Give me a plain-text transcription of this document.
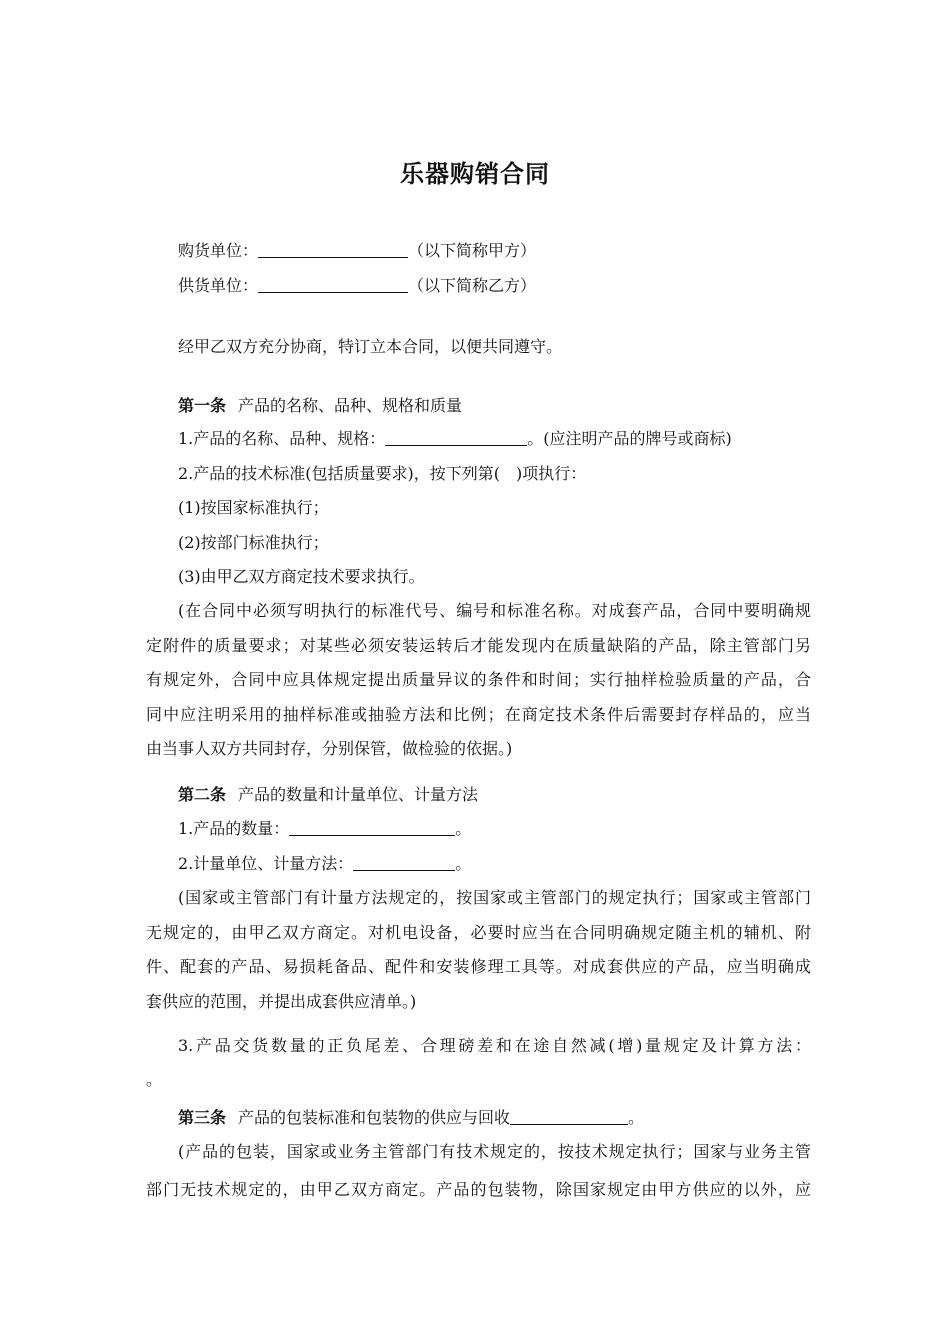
乐器购销合同
购货单位：	（以下简称甲方）
供货单位：	（以下简称乙方）
经甲乙双方充分协商，特订立本合同，以便共同遵守。
第一条 产品的名称、品种、规格和质量
1.产品的名称、品种、规格：	。(应注明产品的牌号或商标)
2.产品的技术标准(包括质量要求)，按下列第(　)项执行：
(1)按国家标准执行；
(2)按部门标准执行；
(3)由甲乙双方商定技术要求执行。
(在合同中必须写明执行的标准代号、编号和标准名称。对成套产品，合同中要明确规
定附件的质量要求；对某些必须安装运转后才能发现内在质量缺陷的产品，除主管部门另
有规定外，合同中应具体规定提出质量异议的条件和时间；实行抽样检验质量的产品，合
同中应注明采用的抽样标准或抽验方法和比例；在商定技术条件后需要封存样品的，应当
由当事人双方共同封存，分别保管，做检验的依据。)
第二条 产品的数量和计量单位、计量方法
1.产品的数量：	。
2.计量单位、计量方法：	。
(国家或主管部门有计量方法规定的，按国家或主管部门的规定执行；国家或主管部门
无规定的，由甲乙双方商定。对机电设备，必要时应当在合同明确规定随主机的辅机、附
件、配套的产品、易损耗备品、配件和安装修理工具等。对成套供应的产品，应当明确成
套供应的范围，并提出成套供应清单。)
3.产品交货数量的正负尾差、合理磅差和在途自然减(增)量规定及计算方法：
。
第三条 产品的包装标准和包装物的供应与回收	。
(产品的包装，国家或业务主管部门有技术规定的，按技术规定执行；国家与业务主管
部门无技术规定的，由甲乙双方商定。产品的包装物，除国家规定由甲方供应的以外，应
